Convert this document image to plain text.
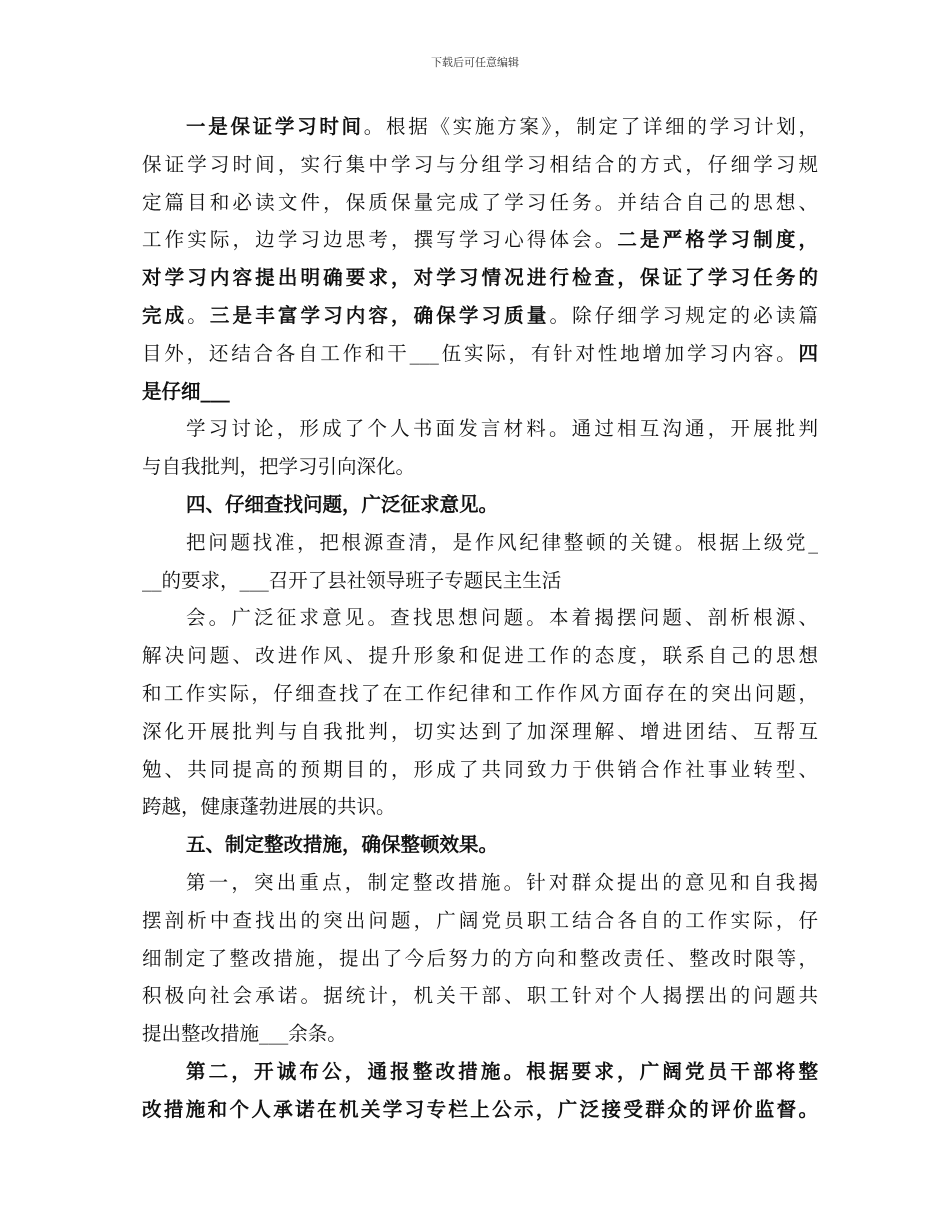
下载后可任意编辑
一是保证学习时间。根据《实施方案》，制定了详细的学习计划，
保证学习时间，实行集中学习与分组学习相结合的方式，仔细学习规
定篇目和必读文件，保质保量完成了学习任务。并结合自己的思想、
工作实际，边学习边思考，撰写学习心得体会。二是严格学习制度，
对学习内容提出明确要求，对学习情况进行检查，保证了学习任务的
完成。三是丰富学习内容，确保学习质量。除仔细学习规定的必读篇
目外，还结合各自工作和干___伍实际，有针对性地增加学习内容。四
是仔细___
学习讨论，形成了个人书面发言材料。通过相互沟通，开展批判
与自我批判，把学习引向深化。
四、仔细查找问题，广泛征求意见。
把问题找准，把根源查清，是作风纪律整顿的关键。根据上级党_
__的要求，___召开了县社领导班子专题民主生活
会。广泛征求意见。查找思想问题。本着揭摆问题、剖析根源、
解决问题、改进作风、提升形象和促进工作的态度，联系自己的思想
和工作实际，仔细查找了在工作纪律和工作作风方面存在的突出问题，
深化开展批判与自我批判，切实达到了加深理解、增进团结、互帮互
勉、共同提高的预期目的，形成了共同致力于供销合作社事业转型、
跨越，健康蓬勃进展的共识。
五、制定整改措施，确保整顿效果。
第一，突出重点，制定整改措施。针对群众提出的意见和自我揭
摆剖析中查找出的突出问题，广阔党员职工结合各自的工作实际，仔
细制定了整改措施，提出了今后努力的方向和整改责任、整改时限等，
积极向社会承诺。据统计，机关干部、职工针对个人揭摆出的问题共
提出整改措施___余条。
第二，开诚布公，通报整改措施。根据要求，广阔党员干部将整
改措施和个人承诺在机关学习专栏上公示，广泛接受群众的评价监督。
